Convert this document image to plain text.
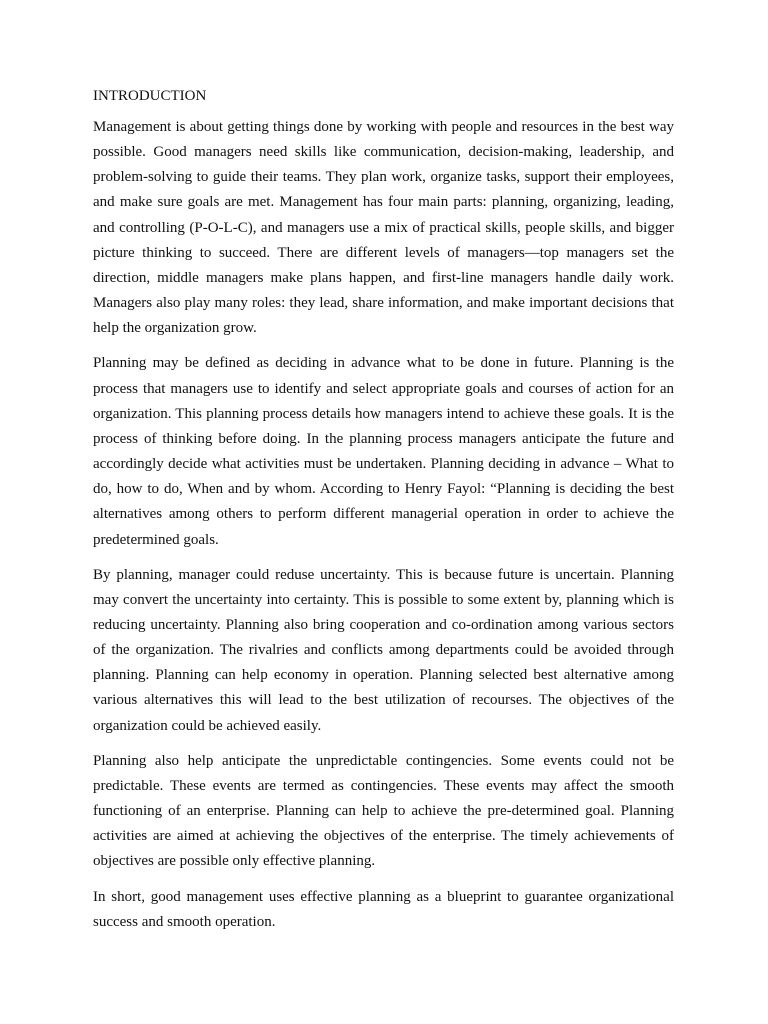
INTRODUCTION

Management is about getting things done by working with people and resources in the best way possible. Good managers need skills like communication, decision-making, leadership, and problem-solving to guide their teams. They plan work, organize tasks, support their employees, and make sure goals are met. Management has four main parts: planning, organizing, leading, and controlling (P-O-L-C), and managers use a mix of practical skills, people skills, and bigger picture thinking to succeed. There are different levels of managers—top managers set the direction, middle managers make plans happen, and first-line managers handle daily work. Managers also play many roles: they lead, share information, and make important decisions that help the organization grow.

Planning may be defined as deciding in advance what to be done in future. Planning is the process that managers use to identify and select appropriate goals and courses of action for an organization. This planning process details how managers intend to achieve these goals. It is the process of thinking before doing. In the planning process managers anticipate the future and accordingly decide what activities must be undertaken. Planning deciding in advance – What to do, how to do, When and by whom. According to Henry Fayol: “Planning is deciding the best alternatives among others to perform different managerial operation in order to achieve the predetermined goals.

By planning, manager could reduse uncertainty. This is because future is uncertain. Planning may convert the uncertainty into certainty. This is possible to some extent by, planning which is reducing uncertainty. Planning also bring cooperation and co-ordination among various sectors of the organization. The rivalries and conflicts among departments could be avoided through planning. Planning can help economy in operation. Planning selected best alternative among various alternatives this will lead to the best utilization of recourses. The objectives of the organization could be achieved easily.

Planning also help anticipate the unpredictable contingencies. Some events could not be predictable. These events are termed as contingencies. These events may affect the smooth functioning of an enterprise. Planning can help to achieve the pre-determined goal. Planning activities are aimed at achieving the objectives of the enterprise. The timely achievements of objectives are possible only effective planning.

In short, good management uses effective planning as a blueprint to guarantee organizational success and smooth operation.
